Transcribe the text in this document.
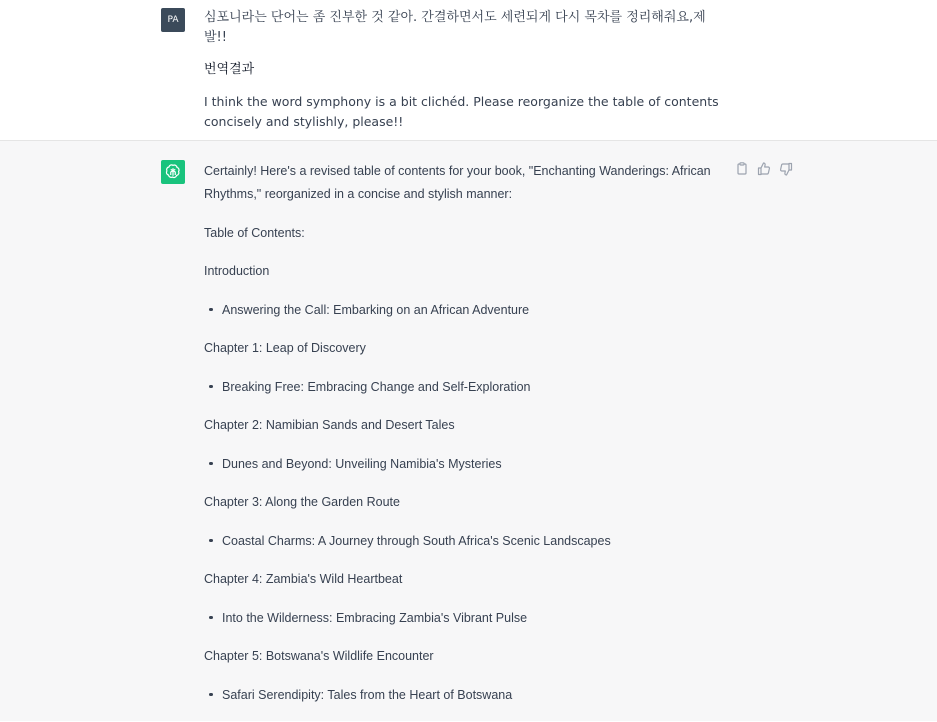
PA	심포니라는 단어는 좀 진부한 것 같아. 간결하면서도 세련되게 다시 목차를 정리해줘요,제발!!

번역결과

I think the word symphony is a bit clichéd. Please reorganize the table of contents concisely and stylishly, please!!

Certainly! Here's a revised table of contents for your book, "Enchanting Wanderings: African Rhythms," reorganized in a concise and stylish manner:

Table of Contents:

Introduction

Answering the Call: Embarking on an African Adventure

Chapter 1: Leap of Discovery

Breaking Free: Embracing Change and Self-Exploration

Chapter 2: Namibian Sands and Desert Tales

Dunes and Beyond: Unveiling Namibia's Mysteries

Chapter 3: Along the Garden Route

Coastal Charms: A Journey through South Africa's Scenic Landscapes

Chapter 4: Zambia's Wild Heartbeat

Into the Wilderness: Embracing Zambia's Vibrant Pulse

Chapter 5: Botswana's Wildlife Encounter

Safari Serendipity: Tales from the Heart of Botswana
